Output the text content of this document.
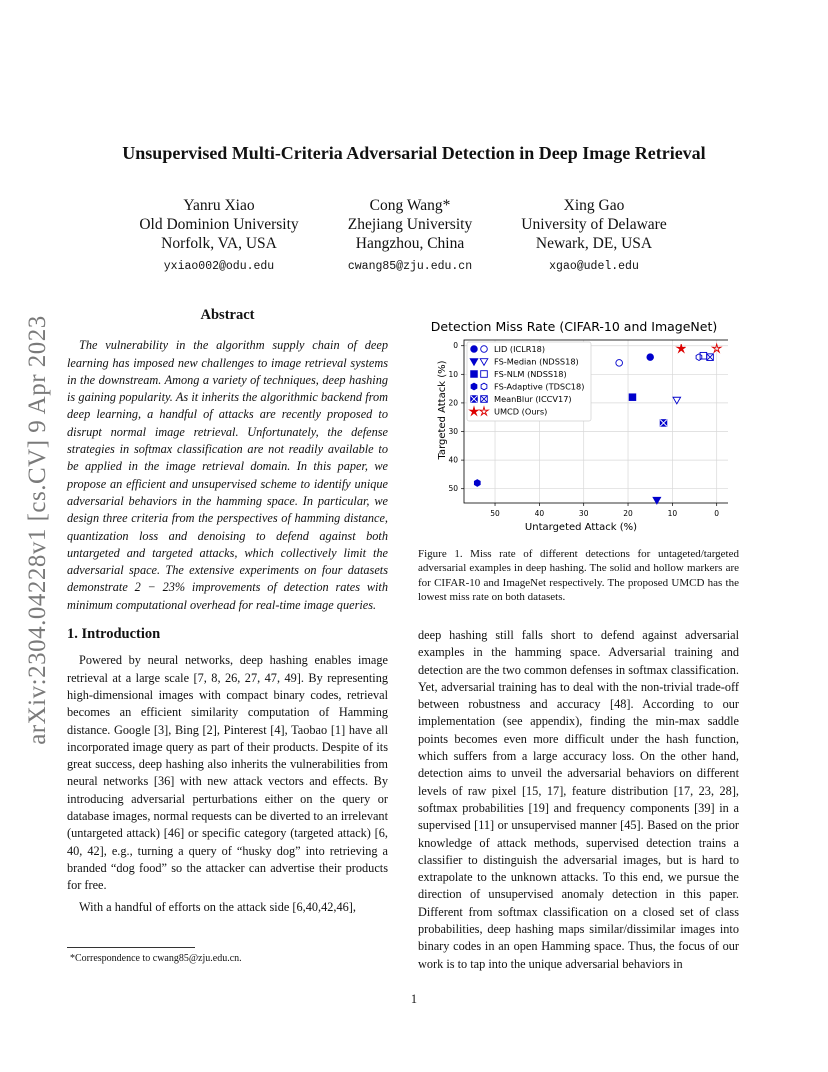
Unsupervised Multi-Criteria Adversarial Detection in Deep Image Retrieval
Yanru Xiao
Old Dominion University
Norfolk, VA, USA
yxiao002@odu.edu
Cong Wang*
Zhejiang University
Hangzhou, China
cwang85@zju.edu.cn
Xing Gao
University of Delaware
Newark, DE, USA
xgao@udel.edu
arXiv:2304.04228v1 [cs.CV] 9 Apr 2023
Abstract

The vulnerability in the algorithm supply chain of deep learning has imposed new challenges to image retrieval systems in the downstream. Among a variety of techniques, deep hashing is gaining popularity. As it inherits the algorithmic backend from deep learning, a handful of attacks are recently proposed to disrupt normal image retrieval. Unfortunately, the defense strategies in softmax classification are not readily available to be applied in the image retrieval domain. In this paper, we propose an efficient and unsupervised scheme to identify unique adversarial behaviors in the hamming space. In particular, we design three criteria from the perspectives of hamming distance, quantization loss and denoising to defend against both untargeted and targeted attacks, which collectively limit the adversarial space. The extensive experiments on four datasets demonstrate 2 − 23% improvements of detection rates with minimum computational overhead for real-time image queries.

1. Introduction

Powered by neural networks, deep hashing enables image retrieval at a large scale [7, 8, 26, 27, 47, 49]. By representing high-dimensional images with compact binary codes, retrieval becomes an efficient similarity computation of Hamming distance. Google [3], Bing [2], Pinterest [4], Taobao [1] have all incorporated image query as part of their products. Despite of its great success, deep hashing also inherits the vulnerabilities from neural networks [36] with new attack vectors and effects. By introducing adversarial perturbations either on the query or database images, normal requests can be diverted to an irrelevant (untargeted attack) [46] or specific category (targeted attack) [6, 40, 42], e.g., turning a query of “husky dog” into retrieving a branded “dog food” so the attacker can advertise their products for free.

With a handful of efforts on the attack side [6,40,42,46],

*Correspondence to cwang85@zju.edu.cn.
Detection Miss Rate (CIFAR-10 and ImageNet)
50	40	30	20	10	0
0
10
20
30
40
50
Untargeted Attack (%)
Targeted Attack (%)
LID (ICLR18)
FS-Median (NDSS18)
FS-NLM (NDSS18)
FS-Adaptive (TDSC18)
MeanBlur (ICCV17)
UMCD (Ours)
Figure 1. Miss rate of different detections for untageted/targeted adversarial examples in deep hashing. The solid and hollow markers are for CIFAR-10 and ImageNet respectively. The proposed UMCD has the lowest miss rate on both datasets.

deep hashing still falls short to defend against adversarial examples in the hamming space. Adversarial training and detection are the two common defenses in softmax classification. Yet, adversarial training has to deal with the non-trivial trade-off between robustness and accuracy [48]. According to our implementation (see appendix), finding the min-max saddle points becomes even more difficult under the hash function, which suffers from a large accuracy loss. On the other hand, detection aims to unveil the adversarial behaviors on different levels of raw pixel [15, 17], feature distribution [17, 23, 28], softmax probabilities [19] and frequency components [39] in a supervised [11] or unsupervised manner [45]. Based on the prior knowledge of attack methods, supervised detection trains a classifier to distinguish the adversarial images, but is hard to extrapolate to the unknown attacks. To this end, we pursue the direction of unsupervised anomaly detection in this paper. Different from softmax classification on a closed set of class probabilities, deep hashing maps similar/dissimilar images into binary codes in an open Hamming space. Thus, the focus of our work is to tap into the unique adversarial behaviors in

1
